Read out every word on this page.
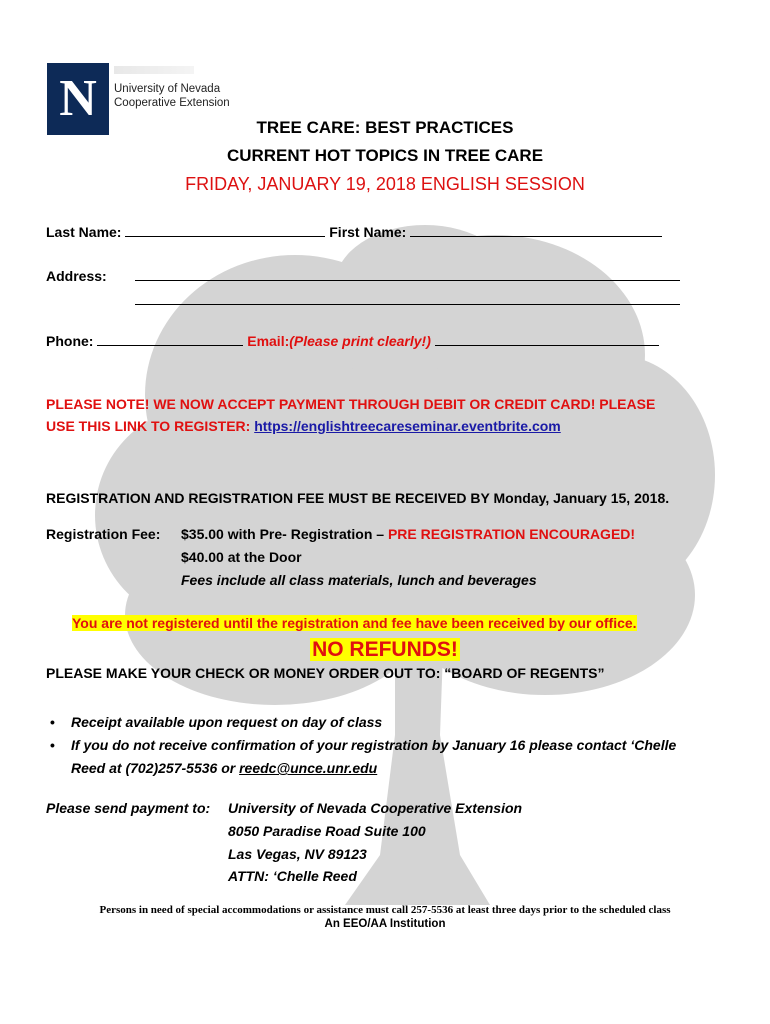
N	University of Nevada
Cooperative Extension
TREE CARE: BEST PRACTICES
CURRENT HOT TOPICS IN TREE CARE
FRIDAY, JANUARY 19, 2018 ENGLISH SESSION
Last Name:	First Name:
Address:
Phone:	Email:(Please print clearly!)
PLEASE NOTE! WE NOW ACCEPT PAYMENT THROUGH DEBIT OR CREDIT CARD! PLEASE
USE THIS LINK TO REGISTER: https://englishtreecareseminar.eventbrite.com
REGISTRATION AND REGISTRATION FEE MUST BE RECEIVED BY Monday, January 15, 2018.
Registration Fee: $35.00 with Pre- Registration – PRE REGISTRATION ENCOURAGED!
$40.00 at the Door
Fees include all class materials, lunch and beverages
You are not registered until the registration and fee have been received by our office.
NO REFUNDS!
PLEASE MAKE YOUR CHECK OR MONEY ORDER OUT TO: “BOARD OF REGENTS”
• Receipt available upon request on day of class
• If you do not receive confirmation of your registration by January 16 please contact ‘Chelle Reed at (702)257-5536 or reedc@unce.unr.edu
Please send payment to: University of Nevada Cooperative Extension
8050 Paradise Road Suite 100
Las Vegas, NV 89123
ATTN: ‘Chelle Reed
Persons in need of special accommodations or assistance must call 257-5536 at least three days prior to the scheduled class
An EEO/AA Institution
